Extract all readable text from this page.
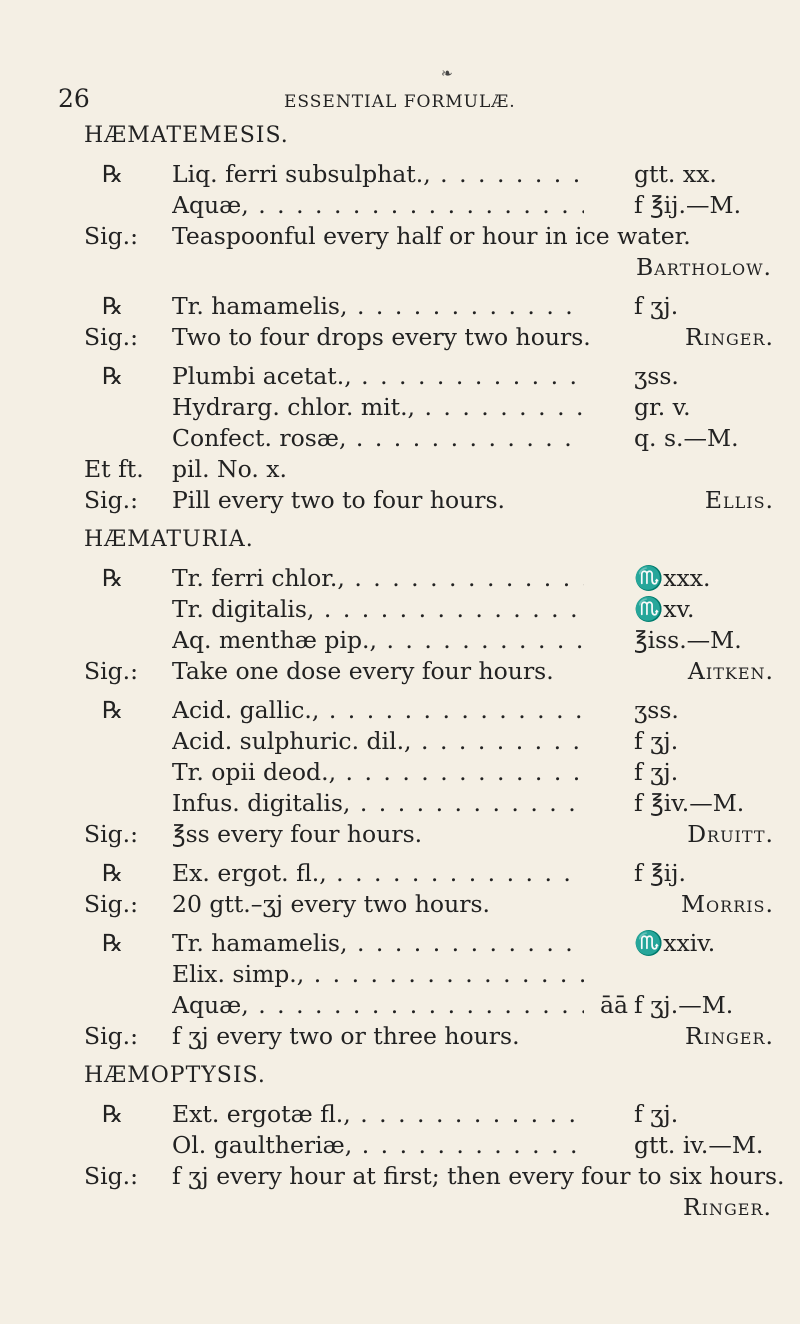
❧
26	ESSENTIAL FORMULÆ.
HÆMATEMESIS.
℞	Liq. ferri subsulphat., . . .	gtt. xx.
Aquæ, . . .	f ℥ij.—M.
Sig.:	Teaspoonful every half or hour in ice water.
Bartholow.
℞	Tr. hamamelis, . . .	f ʒj.
Sig.:	Two to four drops every two hours.	Ringer.
℞	Plumbi acetat., . . .	ʒss.
Hydrarg. chlor. mit., . . .	gr. v.
Confect. rosæ, . . .	q. s.—M.
Et ft.	pil. No. x.
Sig.:	Pill every two to four hours.	Ellis.
HÆMATURIA.
℞	Tr. ferri chlor., . . .	♏xxx.
Tr. digitalis, . . .	♏xv.
Aq. menthæ pip., . . .	℥iss.—M.
Sig.:	Take one dose every four hours.	Aitken.
℞	Acid. gallic., . . .	ʒss.
Acid. sulphuric. dil., . . .	f ʒj.
Tr. opii deod., . . .	f ʒj.
Infus. digitalis, . . .	f ℥iv.—M.
Sig.:	℥ss every four hours.	Druitt.
℞	Ex. ergot. fl., . . .	f ℥ij.
Sig.:	20 gtt.–ʒj every two hours.	Morris.
℞	Tr. hamamelis, . . .	♏xxiv.
Elix. simp., . . .
Aquæ, . . .	āā f ʒj.—M.
Sig.:	f ʒj every two or three hours.	Ringer.
HÆMOPTYSIS.
℞	Ext. ergotæ fl., . . .	f ʒj.
Ol. gaultheriæ, . . .	gtt. iv.—M.
Sig.:	f ʒj every hour at first; then every four to six hours.
Ringer.
